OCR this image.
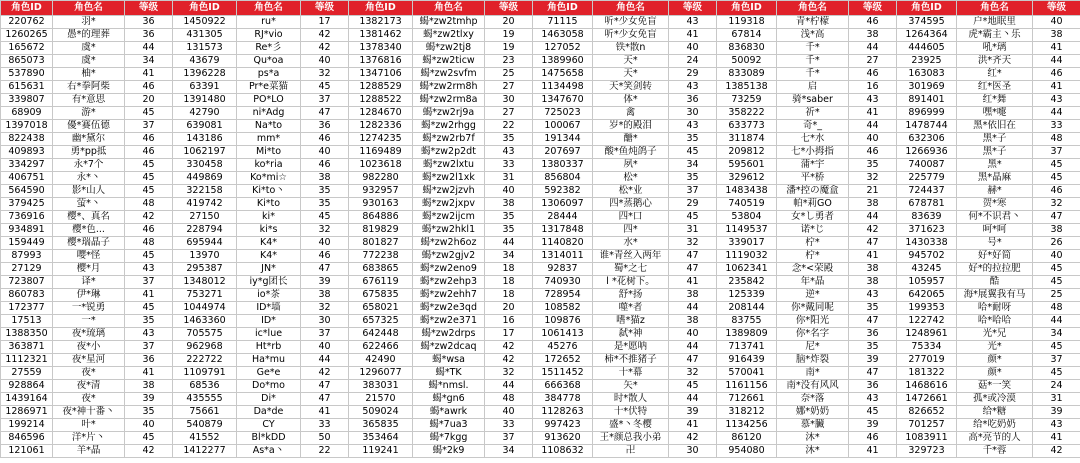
角色ID	角色名	等级	角色ID	角色名	等级	角色ID	角色名	等级	角色ID	角色名	等级	角色ID	角色名	等级	角色ID	角色名	等级
220762	羽*	36	1450922	ru*	17	1382173	蝎*zw2tmhp	20	71115	听*少女免盲	43	119318	青*柠檬	46	374595	户*地眠里	40
1260265	愚*的理葬	36	431305	RJ*vio	42	1381462	蝎*zw2tlxy	19	1463058	听*少女免盲	41	67814	浅*高	38	1264364	虎*霸主丶乐	38
165672	虞*	44	131573	Re*彡	42	1378340	蝎*zw2tj8	19	127052	铁*散n	40	836830	千*	44	444605	吼*璃	41
865073	虞*	34	43679	Qu*oa	40	1376816	蝎*zw2ticw	23	1389960	天*	24	50092	千*	27	23925	洪*齐天	44
537890	柚*	41	1396228	ps*a	32	1347106	蝎*zw2svfm	25	1475658	天*	29	833089	千*	46	163083	红*	46
615631	右*拳阿柴	46	63391	Pr*e菜猫	45	1288529	蝎*zw2rm8h	27	1134498	天*笑剑转	43	1385138	启	16	301969	红*医圣	41
339807	有*意思	20	1391480	PO*LO	37	1288522	蝎*zw2rm8a	30	1347670	体*	36	73259	骑*saber	43	891401	红*舞	43
68909	游*	45	42790	ni*Adg	47	1284670	蝎*zw2rj9a	27	725023	禽	30	358222	祈*	41	896999	嘿*嚏	44
1397018	優*赛伍德	37	639081	Na*to	36	1282336	蝎*zw2rhgg	22	100067	岁*的殿泪	43	633773	奇*_	44	1478744	黑*依旧在	33
822438	幽*黛尔	46	143186	mm*	46	1274235	蝎*zw2rb7f	35	191344	醣*	35	311874	七*水	40	632306	黑*子	48
409893	勇*pp抵	46	1062197	Mi*to	40	1169489	蝎*zw2p2dt	43	207697	酸*鱼炖鸽子	45	209812	七*小拇指	46	1266936	黑*子	37
334297	永*7个	45	330458	ko*ria	46	1023618	蝎*zw2lxtu	33	1380337	夙*	34	595601	蒲*宇	35	740087	黑*	45
406751	永*丶	45	449869	Ko*mi☆	38	982280	蝎*zw2l1xk	31	856804	松*	35	329612	平*桥	32	225779	黑*晶麻	45
564590	影*山人	45	322158	Ki*to丶	35	932957	蝎*zw2jzvh	40	592382	松*业	37	1483438	潘*控の魔盒	21	724437	赫*	46
379425	萤*丶	48	419742	Ki*to	35	930163	蝎*zw2jxpv	38	1306097	四*蒸鹅心	29	740519	帕*莉GO	38	678781	贺*寒	32
736916	樱*、真名	42	27150	ki*	45	864886	蝎*zw2ijcm	35	28444	四*口	45	53804	女*し勇者	44	83639	何*不识君丶	47
934891	樱*色...	46	228794	ki*s	32	819829	蝎*zw2hkl1	35	1317848	四*	31	1149537	诺*じ	42	371623	呵*呵	38
159449	樱*瑞晶子	48	695944	K4*	40	801827	蝎*zw2h6oz	44	1140820	水*	32	339017	柠*	47	1430338	号*	26
87993	嘤*怪	45	13970	K4*	46	772238	蝎*zw2gjv2	34	1314011	谁*青丝入两年	47	1119032	柠*	41	945702	好*好简	40
27129	樱*月	43	295387	JN*	47	683865	蝎*zw2eno9	18	92837	蜀*之七	47	1062341	念*<荣殿	38	43245	好*的拉拉肥	45
723807	译*	37	1348012	iy*g团长	39	676119	蝎*zw2ehp3	18	740930	l *花树下。	41	235842	年*晶	38	105957	酷	45
860783	伊*琳	41	753271	io*茶	38	675835	蝎*zw2ehh7	18	728954	舒*扬	38	125339	逆*	43	642065	海*展翼我有马	25
172377	一*锐勇	45	1044974	ID*墙	32	658021	蝎*zw2e3qd	20	108582	噬*者	44	208144	你*戴同呢	35	199353	哈*耐呀	48
17513	一*	35	1463360	ID*	30	657325	蝎*zw2e371	16	109876	嗜*猫z	38	83755	你*阳光	47	122742	哈*哈哈	44
1388350	夜*琉璃	43	705575	ic*lue	37	642448	蝎*zw2drps	17	1061413	弑*神	40	1389809	你*名字	36	1248961	光*兄	34
363871	夜*小	37	962968	Ht*rb	40	622466	蝎*zw2dcaq	42	45276	是*愿呐	44	713741	尼*	35	75334	光*	45
1112321	夜*星河	36	222722	Ha*mu	44	42490	蝎*wsa	42	172652	柿*不推猪子	47	916439	脑*炸裂	39	277019	颜*	37
27559	夜*	41	1109791	Ge*e	42	1296077	蝎*TK	32	1511452	十*幕	32	570041	南*	47	181322	颜*	45
928864	夜*清	38	68536	Do*mo	47	383031	蝎*nmsl.	44	666368	矢*	45	1161156	南*没有风风	36	1468616	菇*一笑	24
1439164	夜*	39	435555	Di*	47	21570	蝎*gn6	48	384778	时*散人	44	712661	奈*落	43	1472661	孤*或冷漠	31
1286971	夜*神十番丶	35	75661	Da*de	41	509024	蝎*awrk	40	1128263	十*伏特	39	318212	娜*奶奶	45	826652	给*糖	39
199214	叶*	40	540879	CY	33	365835	蝎*7ua3	33	997423	盛*丶冬樱	41	1134256	慕*臟	39	701257	给*吃奶奶	43
846596	洋*片丶	45	41552	Bl*kDD	50	353464	蝎*7kgg	37	913620	王*颜总我小弟	42	86120	沐*	46	1083911	高*亮节的人	41
121061	羊*晶	42	1412277	As*a丶	22	119241	蝎*2k9	34	1108632	卍	30	954080	沐*	41	329723	千*蓉	42
